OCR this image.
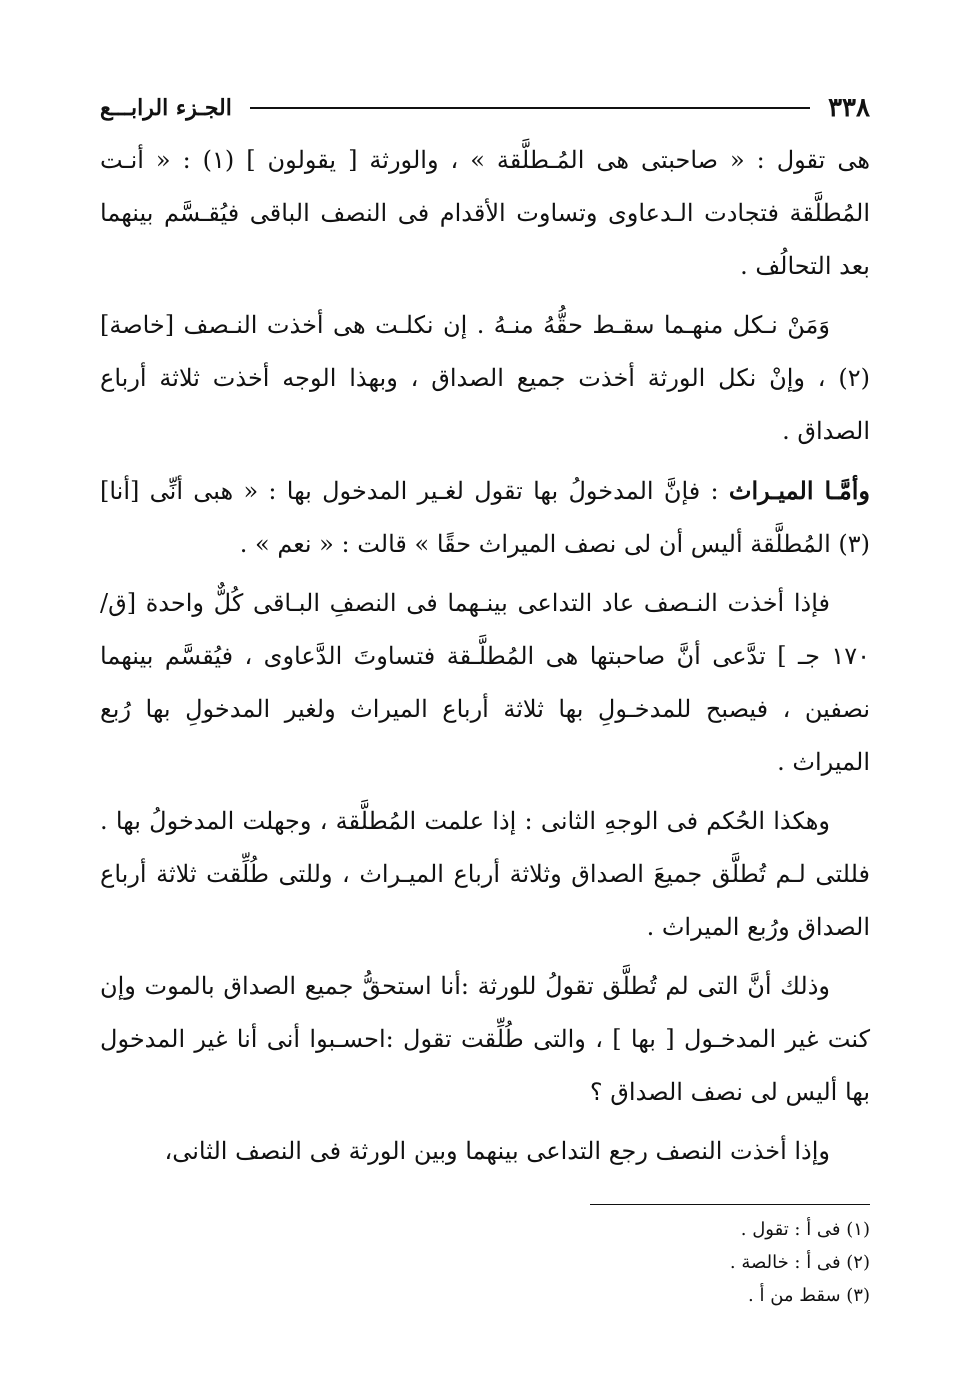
٣٣٨
الجـزء الرابـــع

هى تقول : « صاحبتى هى المُـطلَّقة » ، والورثة [ يقولون ] (١) : « أنـت المُطلَّقة فتجادت الـدعاوى وتساوت الأقدام فى النصف الباقى فيُقـسَّم بينهما بعد التحالُف .

وَمَنْ نـكل منهـما سقـط حقُّهُ منـهُ . إن نكلـت هى أخذت النـصف [خاصة] (٢) ، وإنْ نكل الورثة أخذت جميع الصداق ، وبهذا الوجه أخذت ثلاثة أرباع الصداق .

وأمَّـا الميـراث : فإنَّ المدخولُ بها تقول لغـير المدخول بها : « هبى أنِّى [أنا] (٣) المُطلَّقة أليس أن لى نصف الميراث حقًا » قالت : « نعم » .

فإذا أخذت النـصف عاد التداعى بينـهما فى النصفِ البـاقى كُلٌّ واحدة [ق/ ١٧٠ جـ ] تدَّعى أنَّ صاحبتها هى المُطلَّـقة فتساوتَ الدَّعاوى ، فيُقسَّم بينهما نصفين ، فيصبح للمدخـولِ بها ثلاثة أرباع الميراث ولغير المدخولِ بها رُبع الميراث .

وهكذا الحُكم فى الوجهِ الثانى : إذا علمت المُطلَّقة ، وجهلت المدخولُ بها . فللتى لـم تُطلَّق جميعَ الصداق وثلاثة أرباع الميـراث ، وللتى طُلِّقت ثلاثة أرباع الصداق ورُبع الميراث .

وذلك أنَّ التى لم تُطلَّق تقولُ للورثة :أنا استحقُّ جميع الصداق بالموت وإن كنت غير المدخـول [ بها ] ، والتى طُلِّقت تقول :احسـبوا أنى أنا غير المدخول بها أليس لى نصف الصداق ؟

وإذا أخذت النصف رجع التداعى بينهما وبين الورثة فى النصف الثانى،

(١) فى أ : تقول .
(٢) فى أ : خالصة .
(٣) سقط من أ .
